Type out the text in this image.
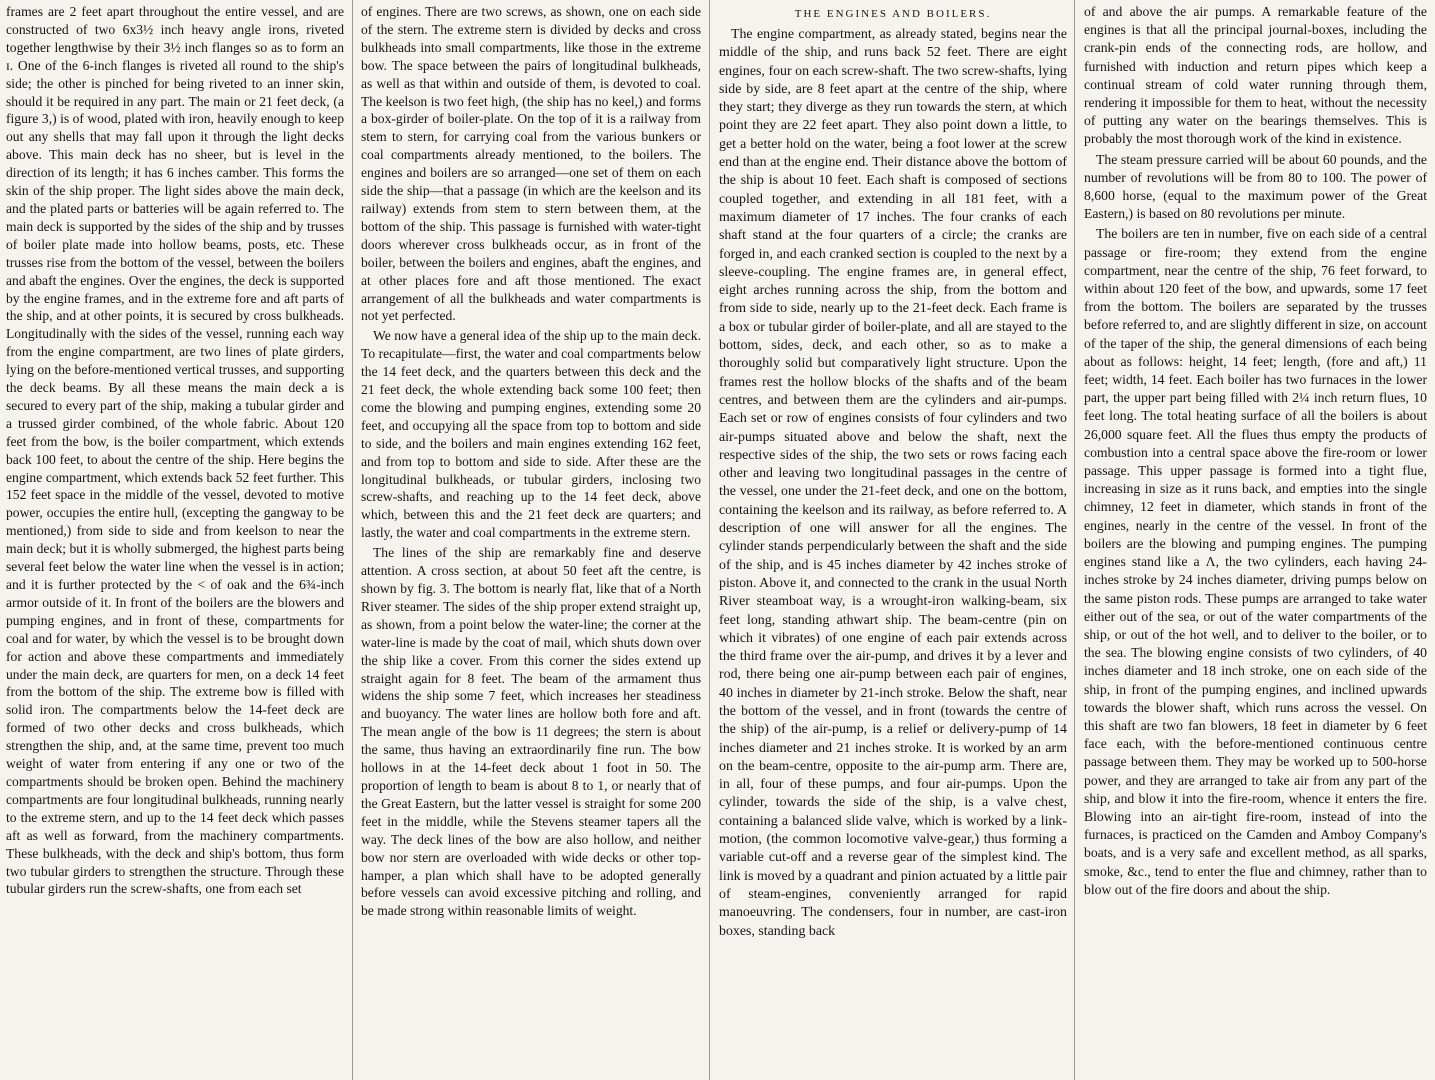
frames are 2 feet apart throughout the entire vessel, and are constructed of two 6x3½ inch heavy angle irons, riveted together lengthwise by their 3½ inch flanges so as to form an ɪ. One of the 6-inch flanges is riveted all round to the ship's side; the other is pinched for being riveted to an inner skin, should it be required in any part. The main or 21 feet deck, (a figure 3,) is of wood, plated with iron, heavily enough to keep out any shells that may fall upon it through the light decks above. This main deck has no sheer, but is level in the direction of its length; it has 6 inches camber. This forms the skin of the ship proper. The light sides above the main deck, and the plated parts or batteries will be again referred to. The main deck is supported by the sides of the ship and by trusses of boiler plate made into hollow beams, posts, etc. These trusses rise from the bottom of the vessel, between the boilers and abaft the engines. Over the engines, the deck is supported by the engine frames, and in the extreme fore and aft parts of the ship, and at other points, it is secured by cross bulkheads. Longitudinally with the sides of the vessel, running each way from the engine compartment, are two lines of plate girders, lying on the before-mentioned vertical trusses, and supporting the deck beams. By all these means the main deck a is secured to every part of the ship, making a tubular girder and a trussed girder combined, of the whole fabric. About 120 feet from the bow, is the boiler compartment, which extends back 100 feet, to about the centre of the ship. Here begins the engine compartment, which extends back 52 feet further. This 152 feet space in the middle of the vessel, devoted to motive power, occupies the entire hull, (excepting the gangway to be mentioned,) from side to side and from keelson to near the main deck; but it is wholly submerged, the highest parts being several feet below the water line when the vessel is in action; and it is further protected by the < of oak and the 6¾-inch armor outside of it. In front of the boilers are the blowers and pumping engines, and in front of these, compartments for coal and for water, by which the vessel is to be brought down for action and above these compartments and immediately under the main deck, are quarters for men, on a deck 14 feet from the bottom of the ship. The extreme bow is filled with solid iron. The compartments below the 14-feet deck are formed of two other decks and cross bulkheads, which strengthen the ship, and, at the same time, prevent too much weight of water from entering if any one or two of the compartments should be broken open. Behind the machinery compartments are four longitudinal bulkheads, running nearly to the extreme stern, and up to the 14 feet deck which passes aft as well as forward, from the machinery compartments. These bulkheads, with the deck and ship's bottom, thus form two tubular girders to strengthen the structure. Through these tubular girders run the screw-shafts, one from each set

of engines. There are two screws, as shown, one on each side of the stern. The extreme stern is divided by decks and cross bulkheads into small compartments, like those in the extreme bow. The space between the pairs of longitudinal bulkheads, as well as that within and outside of them, is devoted to coal. The keelson is two feet high, (the ship has no keel,) and forms a box-girder of boiler-plate. On the top of it is a railway from stem to stern, for carrying coal from the various bunkers or coal compartments already mentioned, to the boilers. The engines and boilers are so arranged—one set of them on each side the ship—that a passage (in which are the keelson and its railway) extends from stem to stern between them, at the bottom of the ship. This passage is furnished with water-tight doors wherever cross bulkheads occur, as in front of the boiler, between the boilers and engines, abaft the engines, and at other places fore and aft those mentioned. The exact arrangement of all the bulkheads and water compartments is not yet perfected.

We now have a general idea of the ship up to the main deck. To recapitulate—first, the water and coal compartments below the 14 feet deck, and the quarters between this deck and the 21 feet deck, the whole extending back some 100 feet; then come the blowing and pumping engines, extending some 20 feet, and occupying all the space from top to bottom and side to side, and the boilers and main engines extending 162 feet, and from top to bottom and side to side. After these are the longitudinal bulkheads, or tubular girders, inclosing two screw-shafts, and reaching up to the 14 feet deck, above which, between this and the 21 feet deck are quarters; and lastly, the water and coal compartments in the extreme stern.

The lines of the ship are remarkably fine and deserve attention. A cross section, at about 50 feet aft the centre, is shown by fig. 3. The bottom is nearly flat, like that of a North River steamer. The sides of the ship proper extend straight up, as shown, from a point below the water-line; the corner at the water-line is made by the coat of mail, which shuts down over the ship like a cover. From this corner the sides extend up straight again for 8 feet. The beam of the armament thus widens the ship some 7 feet, which increases her steadiness and buoyancy. The water lines are hollow both fore and aft. The mean angle of the bow is 11 degrees; the stern is about the same, thus having an extraordinarily fine run. The bow hollows in at the 14-feet deck about 1 foot in 50. The proportion of length to beam is about 8 to 1, or nearly that of the Great Eastern, but the latter vessel is straight for some 200 feet in the middle, while the Stevens steamer tapers all the way. The deck lines of the bow are also hollow, and neither bow nor stern are overloaded with wide decks or other top-hamper, a plan which shall have to be adopted generally before vessels can avoid excessive pitching and rolling, and be made strong within reasonable limits of weight.

THE ENGINES AND BOILERS.

The engine compartment, as already stated, begins near the middle of the ship, and runs back 52 feet. There are eight engines, four on each screw-shaft. The two screw-shafts, lying side by side, are 8 feet apart at the centre of the ship, where they start; they diverge as they run towards the stern, at which point they are 22 feet apart. They also point down a little, to get a better hold on the water, being a foot lower at the screw end than at the engine end. Their distance above the bottom of the ship is about 10 feet. Each shaft is composed of sections coupled together, and extending in all 181 feet, with a maximum diameter of 17 inches. The four cranks of each shaft stand at the four quarters of a circle; the cranks are forged in, and each cranked section is coupled to the next by a sleeve-coupling. The engine frames are, in general effect, eight arches running across the ship, from the bottom and from side to side, nearly up to the 21-feet deck. Each frame is a box or tubular girder of boiler-plate, and all are stayed to the bottom, sides, deck, and each other, so as to make a thoroughly solid but comparatively light structure. Upon the frames rest the hollow blocks of the shafts and of the beam centres, and between them are the cylinders and air-pumps. Each set or row of engines consists of four cylinders and two air-pumps situated above and below the shaft, next the respective sides of the ship, the two sets or rows facing each other and leaving two longitudinal passages in the centre of the vessel, one under the 21-feet deck, and one on the bottom, containing the keelson and its railway, as before referred to. A description of one will answer for all the engines. The cylinder stands perpendicularly between the shaft and the side of the ship, and is 45 inches diameter by 42 inches stroke of piston. Above it, and connected to the crank in the usual North River steamboat way, is a wrought-iron walking-beam, six feet long, standing athwart ship. The beam-centre (pin on which it vibrates) of one engine of each pair extends across the third frame over the air-pump, and drives it by a lever and rod, there being one air-pump between each pair of engines, 40 inches in diameter by 21-inch stroke. Below the shaft, near the bottom of the vessel, and in front (towards the centre of the ship) of the air-pump, is a relief or delivery-pump of 14 inches diameter and 21 inches stroke. It is worked by an arm on the beam-centre, opposite to the air-pump arm. There are, in all, four of these pumps, and four air-pumps. Upon the cylinder, towards the side of the ship, is a valve chest, containing a balanced slide valve, which is worked by a link-motion, (the common locomotive valve-gear,) thus forming a variable cut-off and a reverse gear of the simplest kind. The link is moved by a quadrant and pinion actuated by a little pair of steam-engines, conveniently arranged for rapid manoeuvring. The condensers, four in number, are cast-iron boxes, standing back

of and above the air pumps. A remarkable feature of the engines is that all the principal journal-boxes, including the crank-pin ends of the connecting rods, are hollow, and furnished with induction and return pipes which keep a continual stream of cold water running through them, rendering it impossible for them to heat, without the necessity of putting any water on the bearings themselves. This is probably the most thorough work of the kind in existence.

The steam pressure carried will be about 60 pounds, and the number of revolutions will be from 80 to 100. The power of 8,600 horse, (equal to the maximum power of the Great Eastern,) is based on 80 revolutions per minute.

The boilers are ten in number, five on each side of a central passage or fire-room; they extend from the engine compartment, near the centre of the ship, 76 feet forward, to within about 120 feet of the bow, and upwards, some 17 feet from the bottom. The boilers are separated by the trusses before referred to, and are slightly different in size, on account of the taper of the ship, the general dimensions of each being about as follows: height, 14 feet; length, (fore and aft,) 11 feet; width, 14 feet. Each boiler has two furnaces in the lower part, the upper part being filled with 2¼ inch return flues, 10 feet long. The total heating surface of all the boilers is about 26,000 square feet. All the flues thus empty the products of combustion into a central space above the fire-room or lower passage. This upper passage is formed into a tight flue, increasing in size as it runs back, and empties into the single chimney, 12 feet in diameter, which stands in front of the engines, nearly in the centre of the vessel. In front of the boilers are the blowing and pumping engines. The pumping engines stand like a Λ, the two cylinders, each having 24-inches stroke by 24 inches diameter, driving pumps below on the same piston rods. These pumps are arranged to take water either out of the sea, or out of the water compartments of the ship, or out of the hot well, and to deliver to the boiler, or to the sea. The blowing engine consists of two cylinders, of 40 inches diameter and 18 inch stroke, one on each side of the ship, in front of the pumping engines, and inclined upwards towards the blower shaft, which runs across the vessel. On this shaft are two fan blowers, 18 feet in diameter by 6 feet face each, with the before-mentioned continuous centre passage between them. They may be worked up to 500-horse power, and they are arranged to take air from any part of the ship, and blow it into the fire-room, whence it enters the fire. Blowing into an air-tight fire-room, instead of into the furnaces, is practiced on the Camden and Amboy Company's boats, and is a very safe and excellent method, as all sparks, smoke, &c., tend to enter the flue and chimney, rather than to blow out of the fire doors and about the ship.
